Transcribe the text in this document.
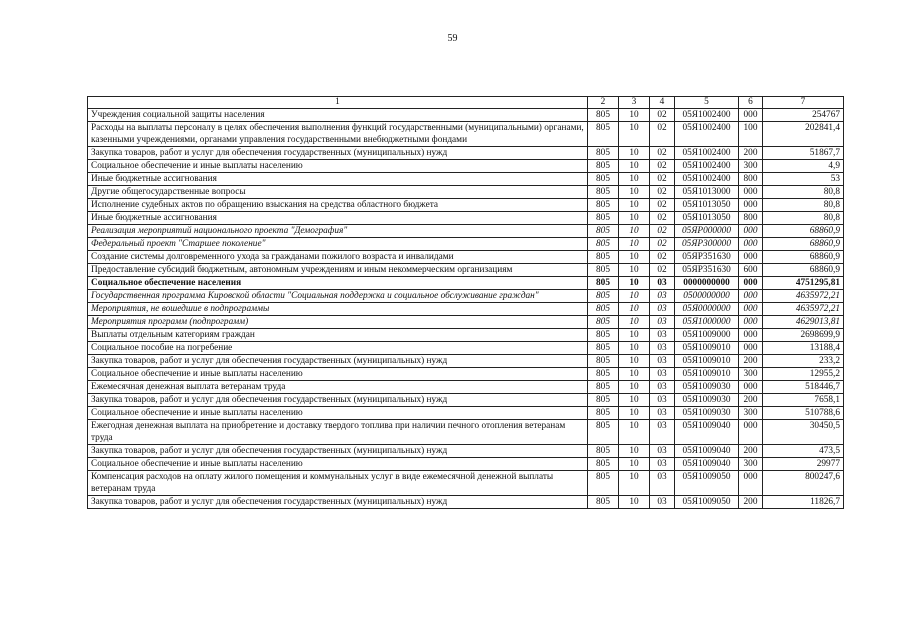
59
1	2	3	4	5	6	7
Учреждения социальной защиты населения	805	10	02	05Я1002400	000	254767
Расходы на выплаты персоналу в целях обеспечения выполнения функций государственными (муниципальными) органами, казенными учреждениями, органами управления государственными внебюджетными фондами	805	10	02	05Я1002400	100	202841,4
Закупка товаров, работ и услуг для обеспечения государственных (муниципальных) нужд	805	10	02	05Я1002400	200	51867,7
Социальное обеспечение и иные выплаты населению	805	10	02	05Я1002400	300	4,9
Иные бюджетные ассигнования	805	10	02	05Я1002400	800	53
Другие общегосударственные вопросы	805	10	02	05Я1013000	000	80,8
Исполнение судебных актов по обращению взыскания на средства областного бюджета	805	10	02	05Я1013050	000	80,8
Иные бюджетные ассигнования	805	10	02	05Я1013050	800	80,8
Реализация мероприятий национального проекта "Демография"	805	10	02	05ЯР000000	000	68860,9
Федеральный проект "Старшее поколение"	805	10	02	05ЯР300000	000	68860,9
Создание системы долговременного ухода за гражданами пожилого возраста и инвалидами	805	10	02	05ЯР351630	000	68860,9
Предоставление субсидий бюджетным, автономным учреждениям и иным некоммерческим организациям	805	10	02	05ЯР351630	600	68860,9
Социальное обеспечение населения	805	10	03	0000000000	000	4751295,81
Государственная программа Кировской области "Социальная поддержка и социальное обслуживание граждан"	805	10	03	0500000000	000	4635972,21
Мероприятия, не вошедшие в подпрограммы	805	10	03	05Я0000000	000	4635972,21
Мероприятия программ (подпрограмм)	805	10	03	05Я1000000	000	4629013,81
Выплаты отдельным категориям граждан	805	10	03	05Я1009000	000	2698699,9
Социальное пособие на погребение	805	10	03	05Я1009010	000	13188,4
Закупка товаров, работ и услуг для обеспечения государственных (муниципальных) нужд	805	10	03	05Я1009010	200	233,2
Социальное обеспечение и иные выплаты населению	805	10	03	05Я1009010	300	12955,2
Ежемесячная денежная выплата ветеранам труда	805	10	03	05Я1009030	000	518446,7
Закупка товаров, работ и услуг для обеспечения государственных (муниципальных) нужд	805	10	03	05Я1009030	200	7658,1
Социальное обеспечение и иные выплаты населению	805	10	03	05Я1009030	300	510788,6
Ежегодная денежная выплата на приобретение и доставку твердого топлива при наличии печного отопления ветеранам труда	805	10	03	05Я1009040	000	30450,5
Закупка товаров, работ и услуг для обеспечения государственных (муниципальных) нужд	805	10	03	05Я1009040	200	473,5
Социальное обеспечение и иные выплаты населению	805	10	03	05Я1009040	300	29977
Компенсация расходов на оплату жилого помещения и коммунальных услуг в виде ежемесячной денежной выплаты ветеранам труда	805	10	03	05Я1009050	000	800247,6
Закупка товаров, работ и услуг для обеспечения государственных (муниципальных) нужд	805	10	03	05Я1009050	200	11826,7
